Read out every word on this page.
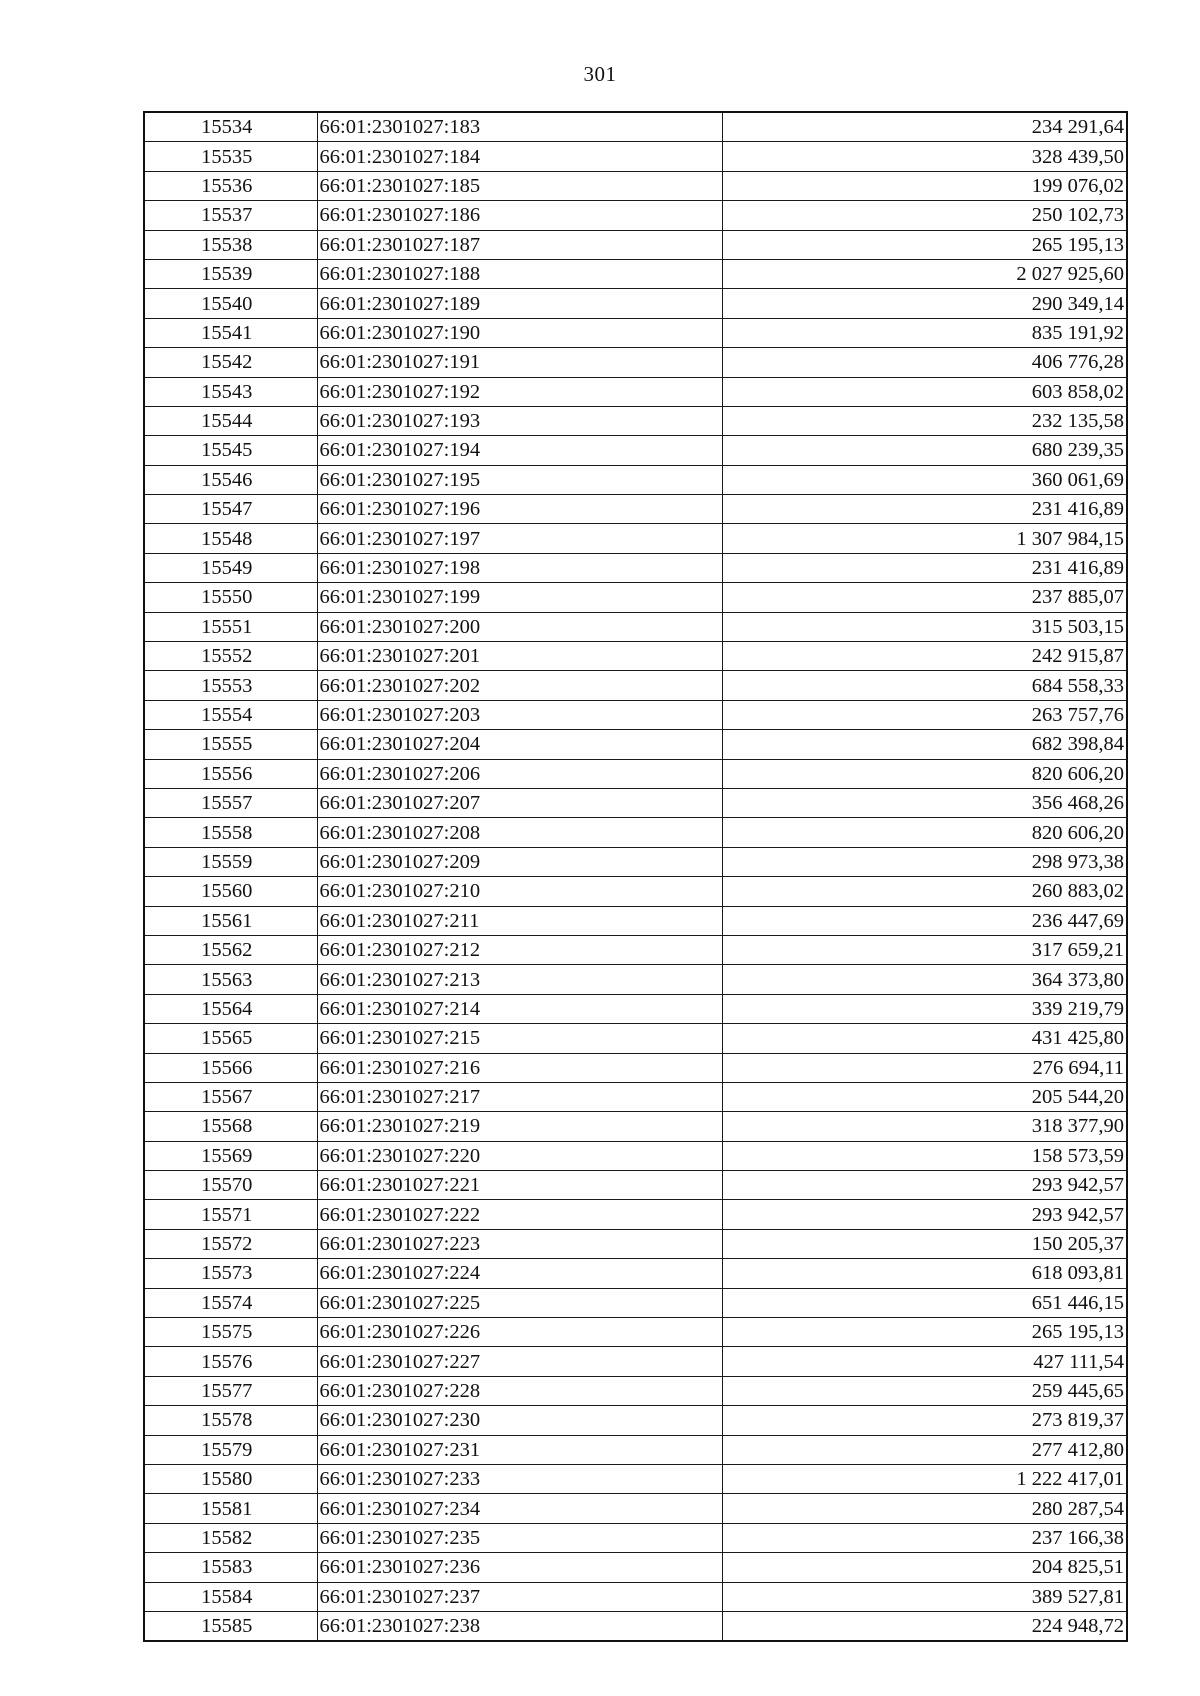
301
15534	66:01:2301027:183	234 291,64
15535	66:01:2301027:184	328 439,50
15536	66:01:2301027:185	199 076,02
15537	66:01:2301027:186	250 102,73
15538	66:01:2301027:187	265 195,13
15539	66:01:2301027:188	2 027 925,60
15540	66:01:2301027:189	290 349,14
15541	66:01:2301027:190	835 191,92
15542	66:01:2301027:191	406 776,28
15543	66:01:2301027:192	603 858,02
15544	66:01:2301027:193	232 135,58
15545	66:01:2301027:194	680 239,35
15546	66:01:2301027:195	360 061,69
15547	66:01:2301027:196	231 416,89
15548	66:01:2301027:197	1 307 984,15
15549	66:01:2301027:198	231 416,89
15550	66:01:2301027:199	237 885,07
15551	66:01:2301027:200	315 503,15
15552	66:01:2301027:201	242 915,87
15553	66:01:2301027:202	684 558,33
15554	66:01:2301027:203	263 757,76
15555	66:01:2301027:204	682 398,84
15556	66:01:2301027:206	820 606,20
15557	66:01:2301027:207	356 468,26
15558	66:01:2301027:208	820 606,20
15559	66:01:2301027:209	298 973,38
15560	66:01:2301027:210	260 883,02
15561	66:01:2301027:211	236 447,69
15562	66:01:2301027:212	317 659,21
15563	66:01:2301027:213	364 373,80
15564	66:01:2301027:214	339 219,79
15565	66:01:2301027:215	431 425,80
15566	66:01:2301027:216	276 694,11
15567	66:01:2301027:217	205 544,20
15568	66:01:2301027:219	318 377,90
15569	66:01:2301027:220	158 573,59
15570	66:01:2301027:221	293 942,57
15571	66:01:2301027:222	293 942,57
15572	66:01:2301027:223	150 205,37
15573	66:01:2301027:224	618 093,81
15574	66:01:2301027:225	651 446,15
15575	66:01:2301027:226	265 195,13
15576	66:01:2301027:227	427 111,54
15577	66:01:2301027:228	259 445,65
15578	66:01:2301027:230	273 819,37
15579	66:01:2301027:231	277 412,80
15580	66:01:2301027:233	1 222 417,01
15581	66:01:2301027:234	280 287,54
15582	66:01:2301027:235	237 166,38
15583	66:01:2301027:236	204 825,51
15584	66:01:2301027:237	389 527,81
15585	66:01:2301027:238	224 948,72
